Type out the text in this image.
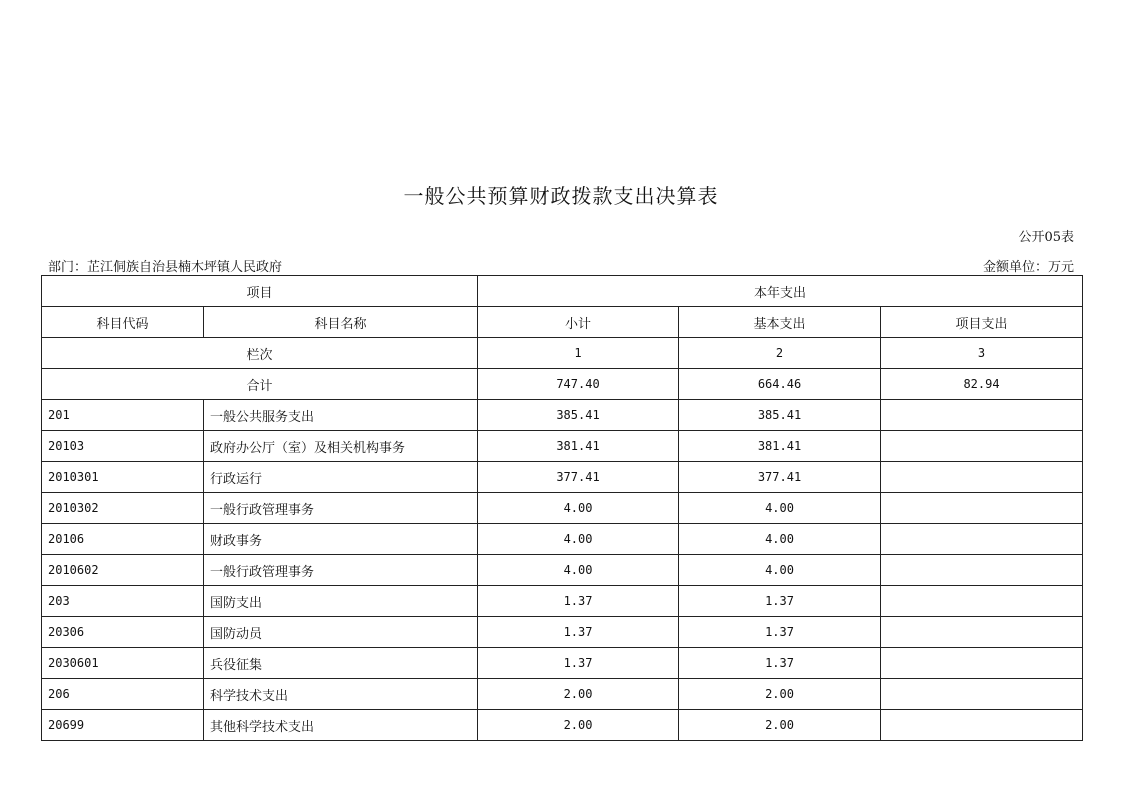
一般公共预算财政拨款支出决算表
公开05表
部门：芷江侗族自治县楠木坪镇人民政府	金额单位：万元
项目		本年支出		
科目代码	科目名称	小计	基本支出	项目支出
栏次		1	2	3
合计		747.40	664.46	82.94
201	一般公共服务支出	385.41	385.41	
20103	政府办公厅（室）及相关机构事务	381.41	381.41	
2010301	行政运行	377.41	377.41	
2010302	一般行政管理事务	4.00	4.00	
20106	财政事务	4.00	4.00	
2010602	一般行政管理事务	4.00	4.00	
203	国防支出	1.37	1.37	
20306	国防动员	1.37	1.37	
2030601	兵役征集	1.37	1.37	
206	科学技术支出	2.00	2.00	
20699	其他科学技术支出	2.00	2.00	
